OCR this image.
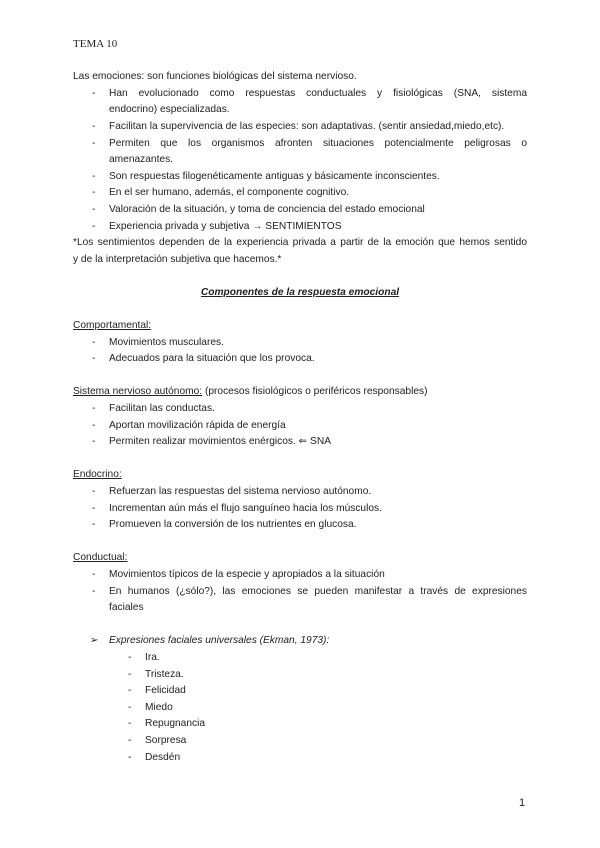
TEMA 10
Las emociones: son funciones biológicas del sistema nervioso.
- Han evolucionado como respuestas conductuales y fisiológicas (SNA, sistema
endocrino) especializadas.
- Facilitan la supervivencia de las especies: son adaptativas. (sentir ansiedad,miedo,etc).
- Permiten que los organismos afronten situaciones potencialmente peligrosas o
amenazantes.
- Son respuestas filogenéticamente antiguas y básicamente inconscientes.
- En el ser humano, además, el componente cognitivo.
- Valoración de la situación, y toma de conciencia del estado emocional
- Experiencia privada y subjetiva → SENTIMIENTOS
*Los sentimientos dependen de la experiencia privada a partir de la emoción que hemos sentido
y de la interpretación subjetiva que hacemos.*
Componentes de la respuesta emocional
Comportamental:
- Movimientos musculares.
- Adecuados para la situación que los provoca.
Sistema nervioso autónomo: (procesos fisiológicos o periféricos responsables)
- Facilitan las conductas.
- Aportan movilización rápida de energía
- Permiten realizar movimientos enérgicos. ⇐ SNA
Endocrino:
- Refuerzan las respuestas del sistema nervioso autónomo.
- Incrementan aún más el flujo sanguíneo hacia los músculos.
- Promueven la conversión de los nutrientes en glucosa.
Conductual:
- Movimientos típicos de la especie y apropiados a la situación
- En humanos (¿sólo?), las emociones se pueden manifestar a través de expresiones
faciales
➢ Expresiones faciales universales (Ekman, 1973):
- Ira.
- Tristeza.
- Felicidad
- Miedo
- Repugnancia
- Sorpresa
- Desdén
1
